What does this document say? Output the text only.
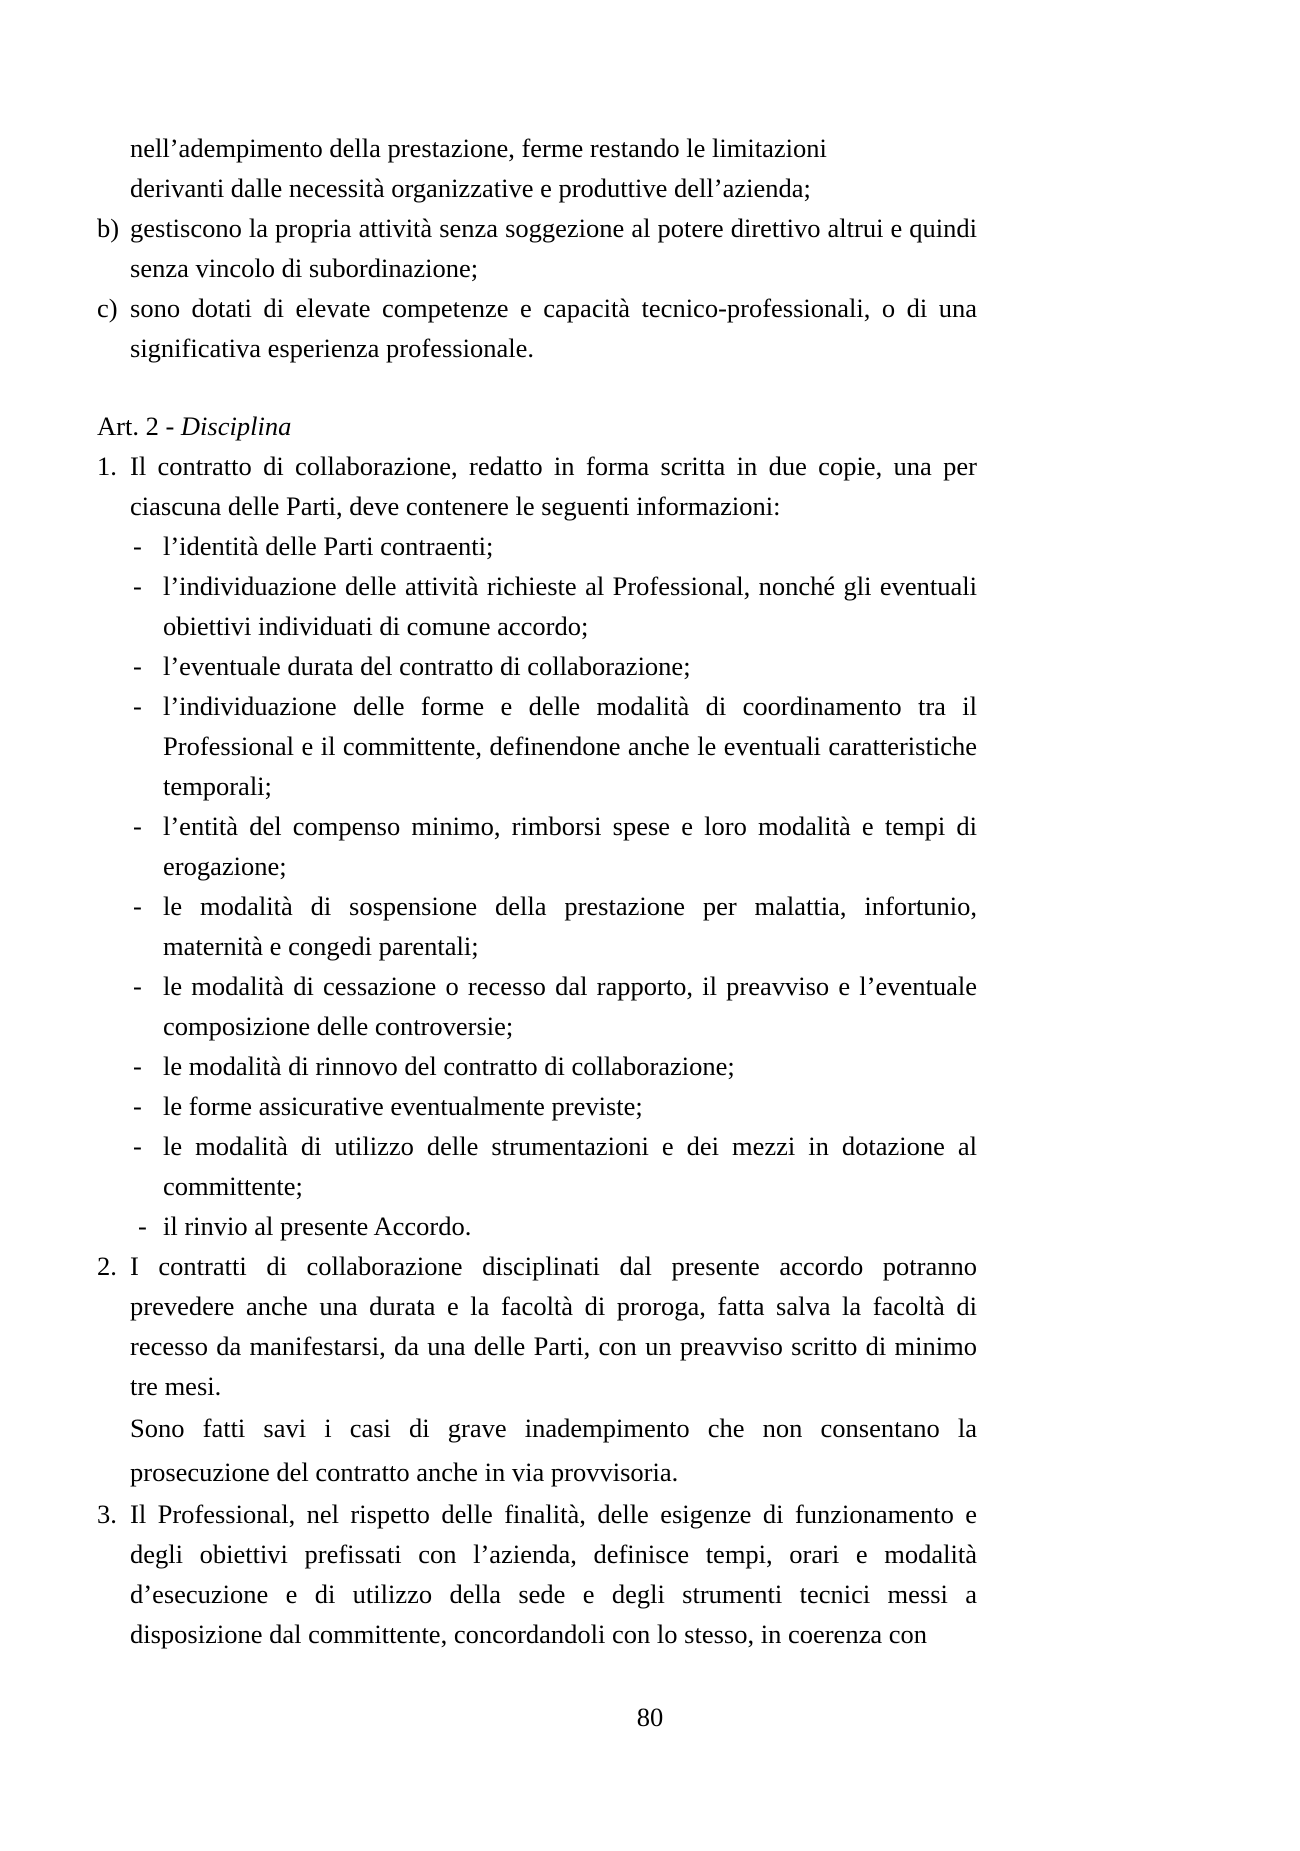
nell’adempimento della prestazione, ferme restando le limitazioni
derivanti dalle necessità organizzative e produttive dell’azienda;
b) gestiscono la propria attività senza soggezione al potere direttivo altrui e quindi senza vincolo di subordinazione;
c) sono dotati di elevate competenze e capacità tecnico-professionali, o di una significativa esperienza professionale.
Art. 2 - Disciplina
1. Il contratto di collaborazione, redatto in forma scritta in due copie, una per ciascuna delle Parti, deve contenere le seguenti informazioni:
- l’identità delle Parti contraenti;
- l’individuazione delle attività richieste al Professional, nonché gli eventuali obiettivi individuati di comune accordo;
- l’eventuale durata del contratto di collaborazione;
- l’individuazione delle forme e delle modalità di coordinamento tra il Professional e il committente, definendone anche le eventuali caratteristiche temporali;
- l’entità del compenso minimo, rimborsi spese e loro modalità e tempi di erogazione;
- le modalità di sospensione della prestazione per malattia, infortunio, maternità e congedi parentali;
- le modalità di cessazione o recesso dal rapporto, il preavviso e l’eventuale composizione delle controversie;
- le modalità di rinnovo del contratto di collaborazione;
- le forme assicurative eventualmente previste;
- le modalità di utilizzo delle strumentazioni e dei mezzi in dotazione al committente;
- il rinvio al presente Accordo.
2. I contratti di collaborazione disciplinati dal presente accordo potranno prevedere anche una durata e la facoltà di proroga, fatta salva la facoltà di recesso da manifestarsi, da una delle Parti, con un preavviso scritto di minimo tre mesi.
Sono fatti savi i casi di grave inadempimento che non consentano la prosecuzione del contratto anche in via provvisoria.
3. Il Professional, nel rispetto delle finalità, delle esigenze di funzionamento e degli obiettivi prefissati con l’azienda, definisce tempi, orari e modalità d’esecuzione e di utilizzo della sede e degli strumenti tecnici messi a disposizione dal committente, concordandoli con lo stesso, in coerenza con
80
